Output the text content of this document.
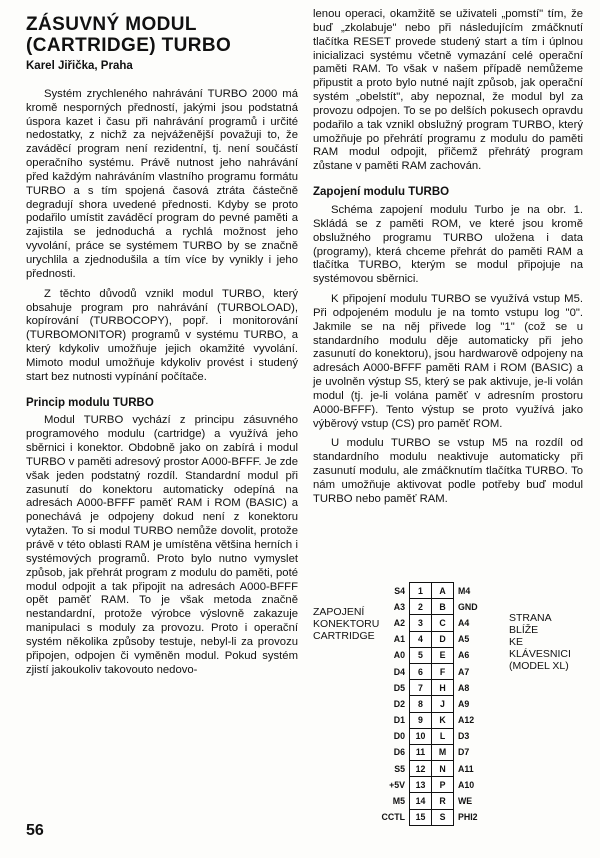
ZÁSUVNÝ MODUL
(CARTRIDGE) TURBO
Karel Jiřička, Praha

Systém zrychleného nahrávání TURBO 2000 má kromě nesporných předností, jakými jsou podstatná úspora kazet i času při nahrávání programů i určité nedostatky, z nichž za nejváženější považuji to, že zaváděcí program není rezidentní, tj. není součástí operačního systému. Právě nutnost jeho nahrávání před každým nahráváním vlastního programu formátu TURBO a s tím spojená časová ztráta částečně degradují shora uvedené přednosti. Kdyby se proto podařilo umístit zaváděcí program do pevné paměti a zajistila se jednoduchá a rychlá možnost jeho vyvolání, práce se systémem TURBO by se značně urychlila a zjednodušila a tím více by vynikly i jeho přednosti.

Z těchto důvodů vznikl modul TURBO, který obsahuje program pro nahrávání (TURBOLOAD), kopírování (TURBOCOPY), popř. i monitorování (TURBOMONITOR) programů v systému TURBO, a který kdykoliv umožňuje jejich okamžité vyvolání. Mimoto modul umožňuje kdykoliv provést i studený start bez nutnosti vypínání počítače.

Princip modulu TURBO

Modul TURBO vychází z principu zásuvného programového modulu (cartridge) a využívá jeho sběrnici i konektor. Obdobně jako on zabírá i modul TURBO v paměti adresový prostor A000-BFFF. Je zde však jeden podstatný rozdíl. Standardní modul při zasunutí do konektoru automaticky odepíná na adresách A000-BFFF paměť RAM i ROM (BASIC) a ponechává je odpojeny dokud není z konektoru vytažen. To si modul TURBO nemůže dovolit, protože právě v této oblasti RAM je umístěna většina herních i systémových programů. Proto bylo nutno vymyslet způsob, jak přehrát program z modulu do paměti, poté modul odpojit a tak připojit na adresách A000-BFFF opět paměť RAM. To je však metoda značně nestandardní, protože výrobce výslovně zakazuje manipulaci s moduly za provozu. Proto i operační systém několika způsoby testuje, nebyl-li za provozu připojen, odpojen či vyměněn modul. Pokud systém zjistí jakoukoliv takovouto nedovo-

lenou operaci, okamžitě se uživateli „pomstí" tím, že buď „zkolabuje" nebo při následujícím zmáčknutí tlačítka RESET provede studený start a tím i úplnou inicializaci systému včetně vymazání celé operační paměti RAM. To však v našem případě nemůžeme připustit a proto bylo nutné najít způsob, jak operační systém „obelstít", aby nepoznal, že modul byl za provozu odpojen. To se po delších pokusech opravdu podařilo a tak vznikl obslužný program TURBO, který umožňuje po přehrátí programu z modulu do paměti RAM modul odpojit, přičemž přehrátý program zůstane v paměti RAM zachován.

Zapojení modulu TURBO

Schéma zapojení modulu Turbo je na obr. 1. Skládá se z paměti ROM, ve které jsou kromě obslužného programu TURBO uložena i data (programy), která chceme přehrát do paměti RAM a tlačítka TURBO, kterým se modul připojuje na systémovou sběrnici.

K připojení modulu TURBO se využívá vstup M5. Při odpojeném modulu je na tomto vstupu log "0". Jakmile se na něj přivede log "1" (což se u standardního modulu děje automaticky při jeho zasunutí do konektoru), jsou hardwarově odpojeny na adresách A000-BFFF paměti RAM i ROM (BASIC) a je uvolněn výstup S5, který se pak aktivuje, je-li volán modul (tj. je-li volána paměť v adresním prostoru A000-BFFF). Tento výstup se proto využívá jako výběrový vstup (CS) pro paměť ROM.

U modulu TURBO se vstup M5 na rozdíl od standardního modulu neaktivuje automaticky při zasunutí modulu, ale zmáčknutím tlačítka TURBO. To nám umožňuje aktivovat podle potřeby buď modul TURBO nebo paměť RAM.

ZAPOJENÍ
KONEKTORU
CARTRIDGE
STRANA
BLÍŽE
KE
KLÁVESNICI
(MODEL XL)
S4	1	A	M4
A3	2	B	GND
A2	3	C	A4
A1	4	D	A5
A0	5	E	A6
D4	6	F	A7
D5	7	H	A8
D2	8	J	A9
D1	9	K	A12
D0	10	L	D3
D6	11	M	D7
S5	12	N	A11
+5V	13	P	A10
M5	14	R	WE
CCTL	15	S	PHI2
56
